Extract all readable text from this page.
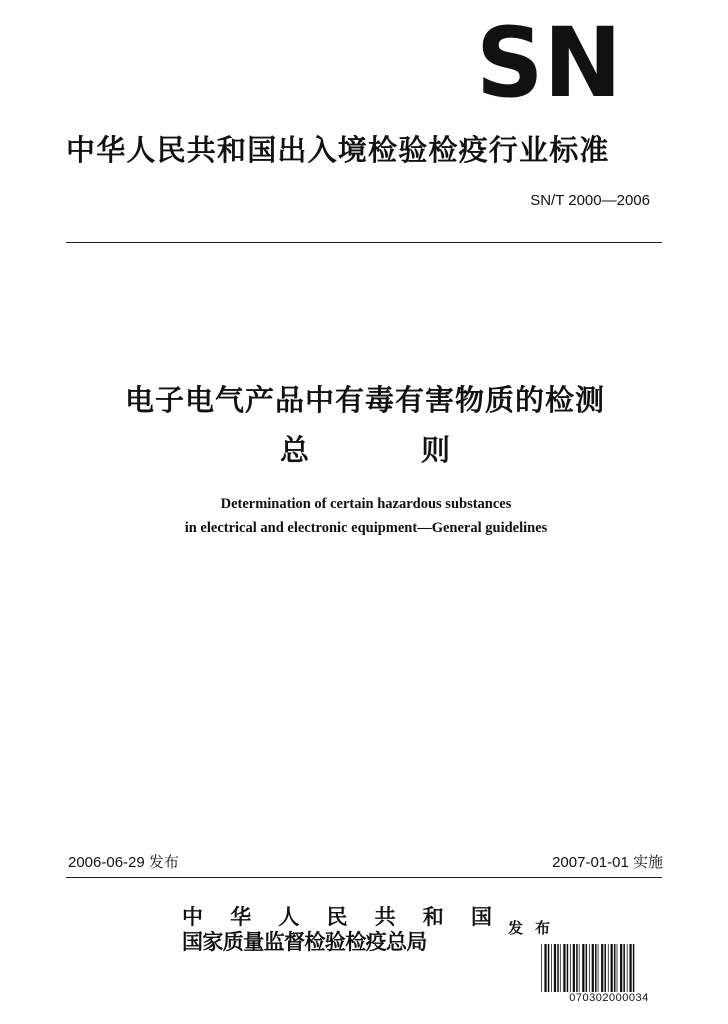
SN
中华人民共和国出入境检验检疫行业标准
SN/T 2000—2006
电子电气产品中有毒有害物质的检测
总	则
Determination of certain hazardous substances
in electrical and electronic equipment—General guidelines
2006-06-29 发布	2007-01-01 实施
中 华 人 民 共 和 国
国家质量监督检验检疫总局
发布
070302000034
